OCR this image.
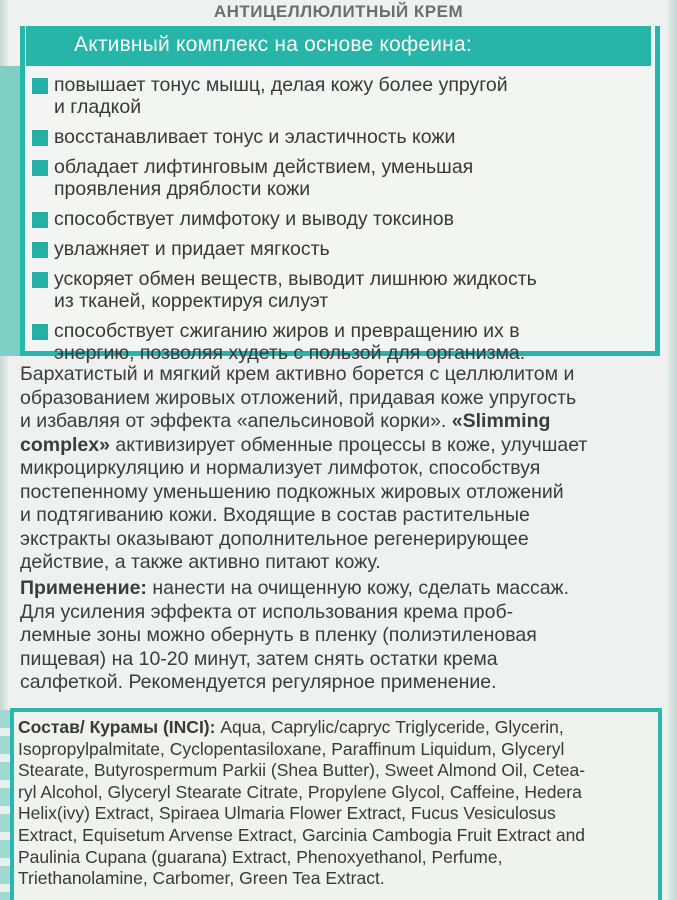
АНТИЦЕЛЛЮЛИТНЫЙ КРЕМ
Активный комплекс на основе кофеина:
повышает тонус мышц, делая кожу более упругой
и гладкой
восстанавливает тонус и эластичность кожи
обладает лифтинговым действием, уменьшая
проявления дряблости кожи
способствует лимфотоку и выводу токсинов
увлажняет и придает мягкость
ускоряет обмен веществ, выводит лишнюю жидкость
из тканей, корректируя силуэт
способствует сжиганию жиров и превращению их в
энергию, позволяя худеть с пользой для организма.
Бархатистый и мягкий крем активно борется с целлюлитом и
образованием жировых отложений, придавая коже упругость
и избавляя от эффекта «апельсиновой корки». «Slimming
complex» активизирует обменные процессы в коже, улучшает
микроциркуляцию и нормализует лимфоток, способствуя
постепенному уменьшению подкожных жировых отложений
и подтягиванию кожи. Входящие в состав растительные
экстракты оказывают дополнительное регенерирующее
действие, а также активно питают кожу.
Применение: нанести на очищенную кожу, сделать массаж.
Для усиления эффекта от использования крема проб-
лемные зоны можно обернуть в пленку (полиэтиленовая
пищевая) на 10-20 минут, затем снять остатки крема
салфеткой. Рекомендуется регулярное применение.
Состав/ Курамы (INCI): Aqua, Caprylic/caprус Triglyceride, Glycerin,
Isopropylpalmitate, Cyclopentasiloxane, Paraffinum Liquidum, Glyceryl
Stearate, Butyrospermum Parkii (Shea Butter), Sweet Almond Oil, Cetea-
ryl Alcohol, Glyceryl Stearate Citrate, Propylene Glycol, Caffeine, Hedera
Helix(ivy) Extract, Spiraea Ulmaria Flower Extract, Fucus Vesiculosus
Extract, Equisetum Arvense Extract, Garcinia Cambogia Fruit Extract and
Paulinia Cupana (guarana) Extract, Phenoxyethanol, Perfume,
Triethanolamine, Carbomer, Green Tea Extract.
